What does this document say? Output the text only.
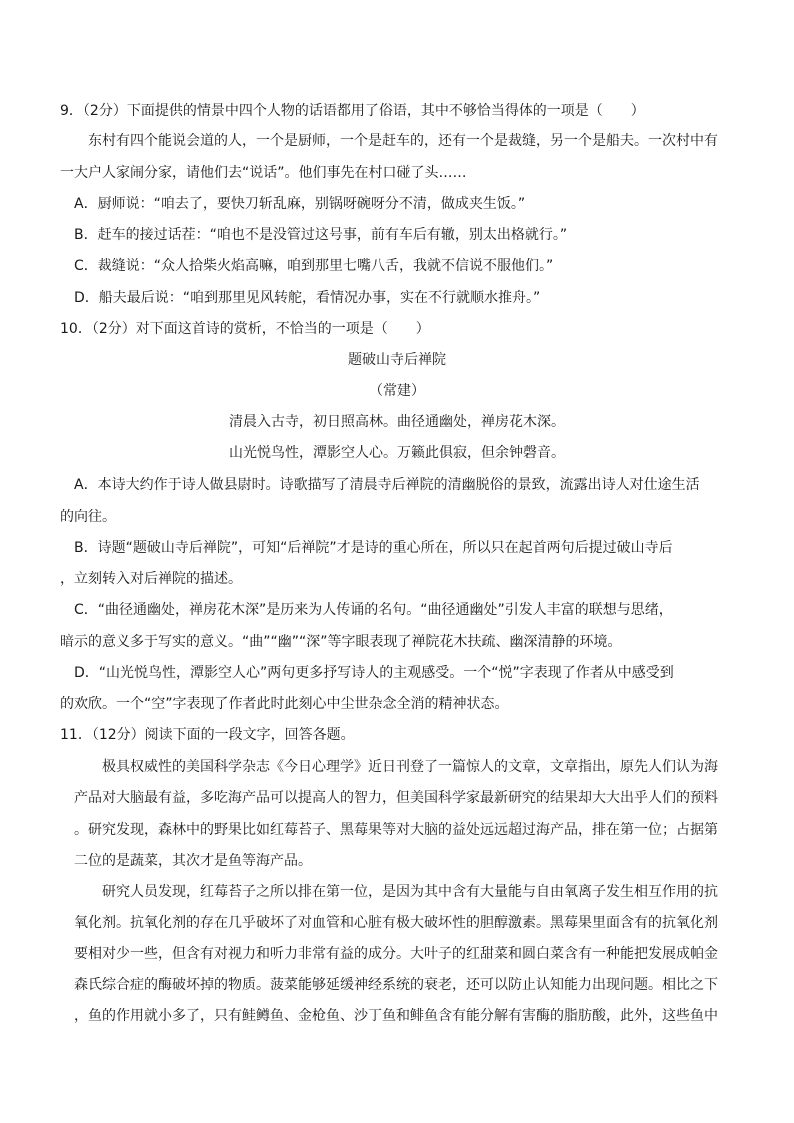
9．（2分）下面提供的情景中四个人物的话语都用了俗语，其中不够恰当得体的一项是（　　）
东村有四个能说会道的人，一个是厨师，一个是赶车的，还有一个是裁缝，另一个是船夫。一次村中有
一大户人家闹分家，请他们去“说话”。他们事先在村口碰了头……
A．厨师说：“咱去了，要快刀斩乱麻，别锅呀碗呀分不清，做成夹生饭。”
B．赶车的接过话茬：“咱也不是没管过这号事，前有车后有辙，别太出格就行。”
C．裁缝说：“众人拾柴火焰高嘛，咱到那里七嘴八舌，我就不信说不服他们。”
D．船夫最后说：“咱到那里见风转舵，看情况办事，实在不行就顺水推舟。”
10．（2分）对下面这首诗的赏析，不恰当的一项是（　　）
题破山寺后禅院
（常建）
清晨入古寺，初日照高林。曲径通幽处，禅房花木深。
山光悦鸟性，潭影空人心。万籁此俱寂，但余钟磬音。
A．本诗大约作于诗人做县尉时。诗歌描写了清晨寺后禅院的清幽脱俗的景致，流露出诗人对仕途生活
的向往。
B．诗题“题破山寺后禅院”，可知“后禅院”才是诗的重心所在，所以只在起首两句后提过破山寺后
，立刻转入对后禅院的描述。
C．“曲径通幽处，禅房花木深”是历来为人传诵的名句。“曲径通幽处”引发人丰富的联想与思绪，
暗示的意义多于写实的意义。“曲”“幽”“深”等字眼表现了禅院花木扶疏、幽深清静的环境。
D．“山光悦鸟性，潭影空人心”两句更多抒写诗人的主观感受。一个“悦”字表现了作者从中感受到
的欢欣。一个“空”字表现了作者此时此刻心中尘世杂念全消的精神状态。
11．（12分）阅读下面的一段文字，回答各题。
极具权威性的美国科学杂志《今日心理学》近日刊登了一篇惊人的文章，文章指出，原先人们认为海
产品对大脑最有益，多吃海产品可以提高人的智力，但美国科学家最新研究的结果却大大出乎人们的预料
。研究发现，森林中的野果比如红莓苔子、黑莓果等对大脑的益处远远超过海产品，排在第一位；占据第
二位的是蔬菜，其次才是鱼等海产品。
研究人员发现，红莓苔子之所以排在第一位，是因为其中含有大量能与自由氧离子发生相互作用的抗
氧化剂。抗氧化剂的存在几乎破坏了对血管和心脏有极大破坏性的胆醇激素。黑莓果里面含有的抗氧化剂
要相对少一些，但含有对视力和听力非常有益的成分。大叶子的红甜菜和圆白菜含有一种能把发展成帕金
森氏综合症的酶破坏掉的物质。菠菜能够延缓神经系统的衰老，还可以防止认知能力出现问题。相比之下
，鱼的作用就小多了，只有鲑鳟鱼、金枪鱼、沙丁鱼和鲱鱼含有能分解有害酶的脂肪酸，此外，这些鱼中
